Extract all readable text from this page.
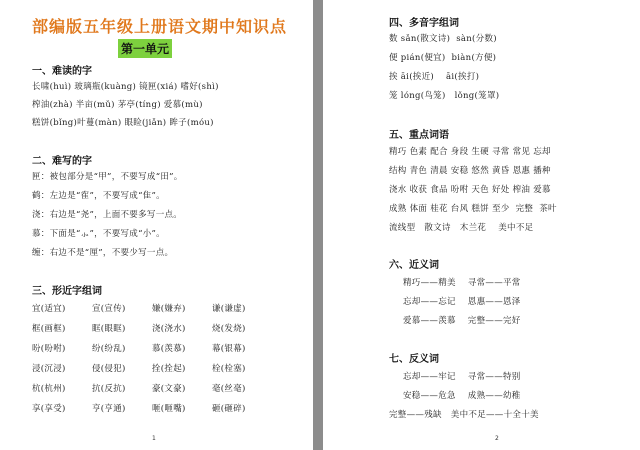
部编版五年级上册语文期中知识点
第一单元
一、难读的字
长啸(huì) 玻璃瓶(kuàng) 镜匣(xiá) 嗜好(shì)
榨油(zhà) 半亩(mǔ) 茅亭(tíng) 爱慕(mù)
糕饼(bǐng)叶蔓(màn) 眼睑(jiǎn) 眸子(móu)
二、难写的字
匣：被包部分是“甲”，不要写成“田”。
鹤：左边是“隺”，不要写成“隹”。
浇：右边是“尧”，上面不要多写一点。
慕：下面是“⺗”，不要写成“小”。
缠：右边不是“厘”，不要少写一点。
三、形近字组词
宜(适宜)	宣(宣传)	嫌(嫌弃)	谦(谦虚)
框(画框)	眶(眼眶)	浇(浇水)	烧(发烧)
吩(吩咐)	纷(纷乱)	慕(羡慕)	幕(银幕)
浸(沉浸)	侵(侵犯)	拴(拴起)	栓(栓塞)
杭(杭州)	抗(反抗)	豪(文豪)	毫(丝毫)
享(享受)	亨(亨通)	咂(咂嘴)	砸(砸碎)
1
四、多音字组词
数 sǎn(散文诗)  sàn(分数)
便 pián(便宜)  biàn(方便)
挨 āi(挨近)    āi(挨打)
笼 lóng(鸟笼)   lǒng(笼罩)
五、重点词语
精巧 色素 配合 身段 生硬 寻常 常见 忘却
结构 青色 清晨 安稳 悠然 黄昏 恩惠 播种
浇水 收获 食品 吩咐 天色 好处 榨油 爱慕
成熟 体面 桂花 台风 糕饼 至少  完整  茶叶
流线型   散文诗   木兰花    美中不足
六、近义词
精巧——精美    寻常——平常
忘却——忘记    恩惠——恩泽
爱慕——羡慕    完整——完好
七、反义词
忘却——牢记    寻常——特别
安稳——危急    成熟——幼稚
完整——残缺   美中不足——十全十美
2
